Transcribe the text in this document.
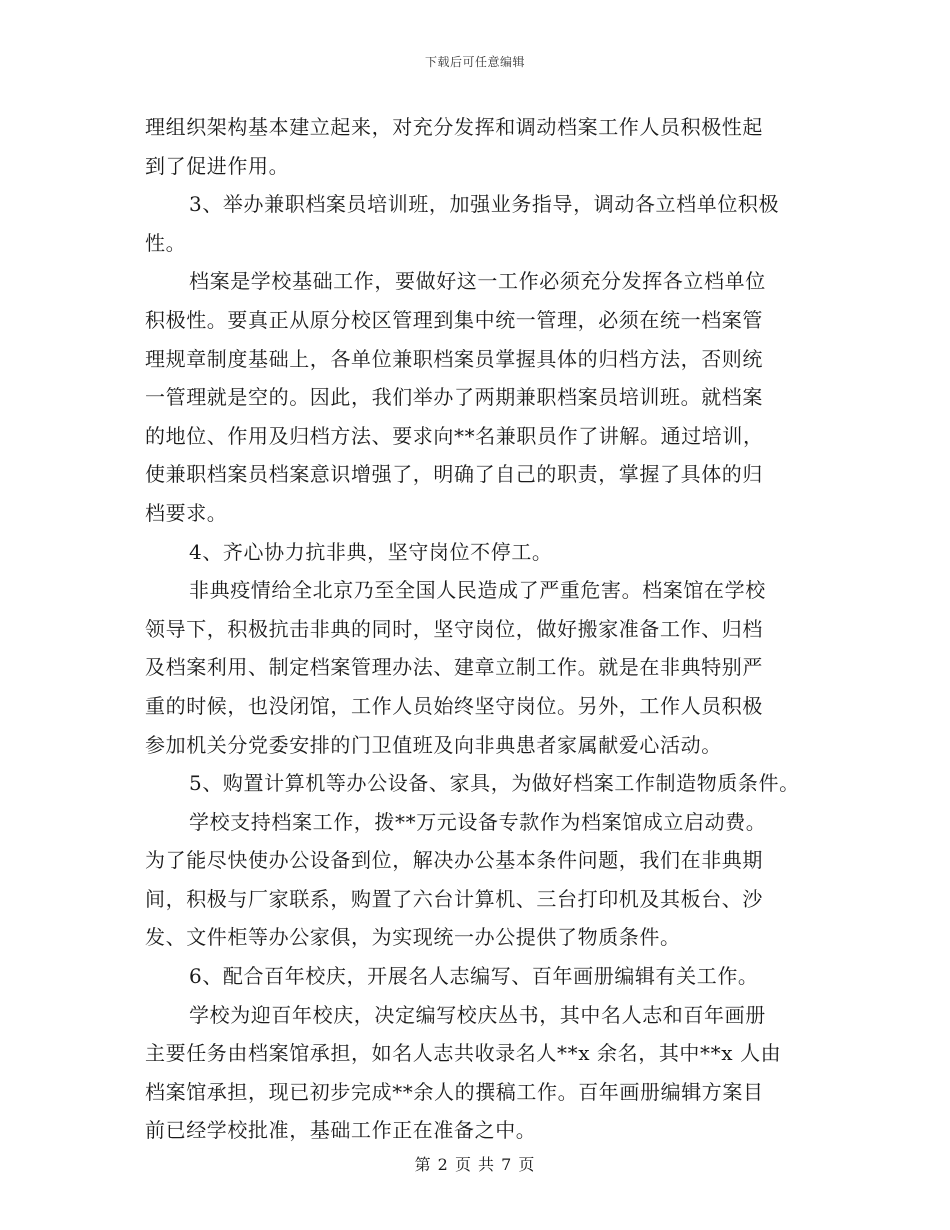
下载后可任意编辑
理组织架构基本建立起来，对充分发挥和调动档案工作人员积极性起
到了促进作用。
3、举办兼职档案员培训班，加强业务指导，调动各立档单位积极
性。
档案是学校基础工作，要做好这一工作必须充分发挥各立档单位
积极性。要真正从原分校区管理到集中统一管理，必须在统一档案管
理规章制度基础上，各单位兼职档案员掌握具体的归档方法，否则统
一管理就是空的。因此，我们举办了两期兼职档案员培训班。就档案
的地位、作用及归档方法、要求向**名兼职员作了讲解。通过培训，
使兼职档案员档案意识增强了，明确了自己的职责，掌握了具体的归
档要求。
4、齐心协力抗非典，坚守岗位不停工。
非典疫情给全北京乃至全国人民造成了严重危害。档案馆在学校
领导下，积极抗击非典的同时，坚守岗位，做好搬家准备工作、归档
及档案利用、制定档案管理办法、建章立制工作。就是在非典特别严
重的时候，也没闭馆，工作人员始终坚守岗位。另外，工作人员积极
参加机关分党委安排的门卫值班及向非典患者家属献爱心活动。
5、购置计算机等办公设备、家具，为做好档案工作制造物质条件。
学校支持档案工作，拨**万元设备专款作为档案馆成立启动费。
为了能尽快使办公设备到位，解决办公基本条件问题，我们在非典期
间，积极与厂家联系，购置了六台计算机、三台打印机及其板台、沙
发、文件柜等办公家俱，为实现统一办公提供了物质条件。
6、配合百年校庆，开展名人志编写、百年画册编辑有关工作。
学校为迎百年校庆，决定编写校庆丛书，其中名人志和百年画册
主要任务由档案馆承担，如名人志共收录名人**x 余名，其中**x 人由
档案馆承担，现已初步完成**余人的撰稿工作。百年画册编辑方案目
前已经学校批准，基础工作正在准备之中。
第 2 页 共 7 页
